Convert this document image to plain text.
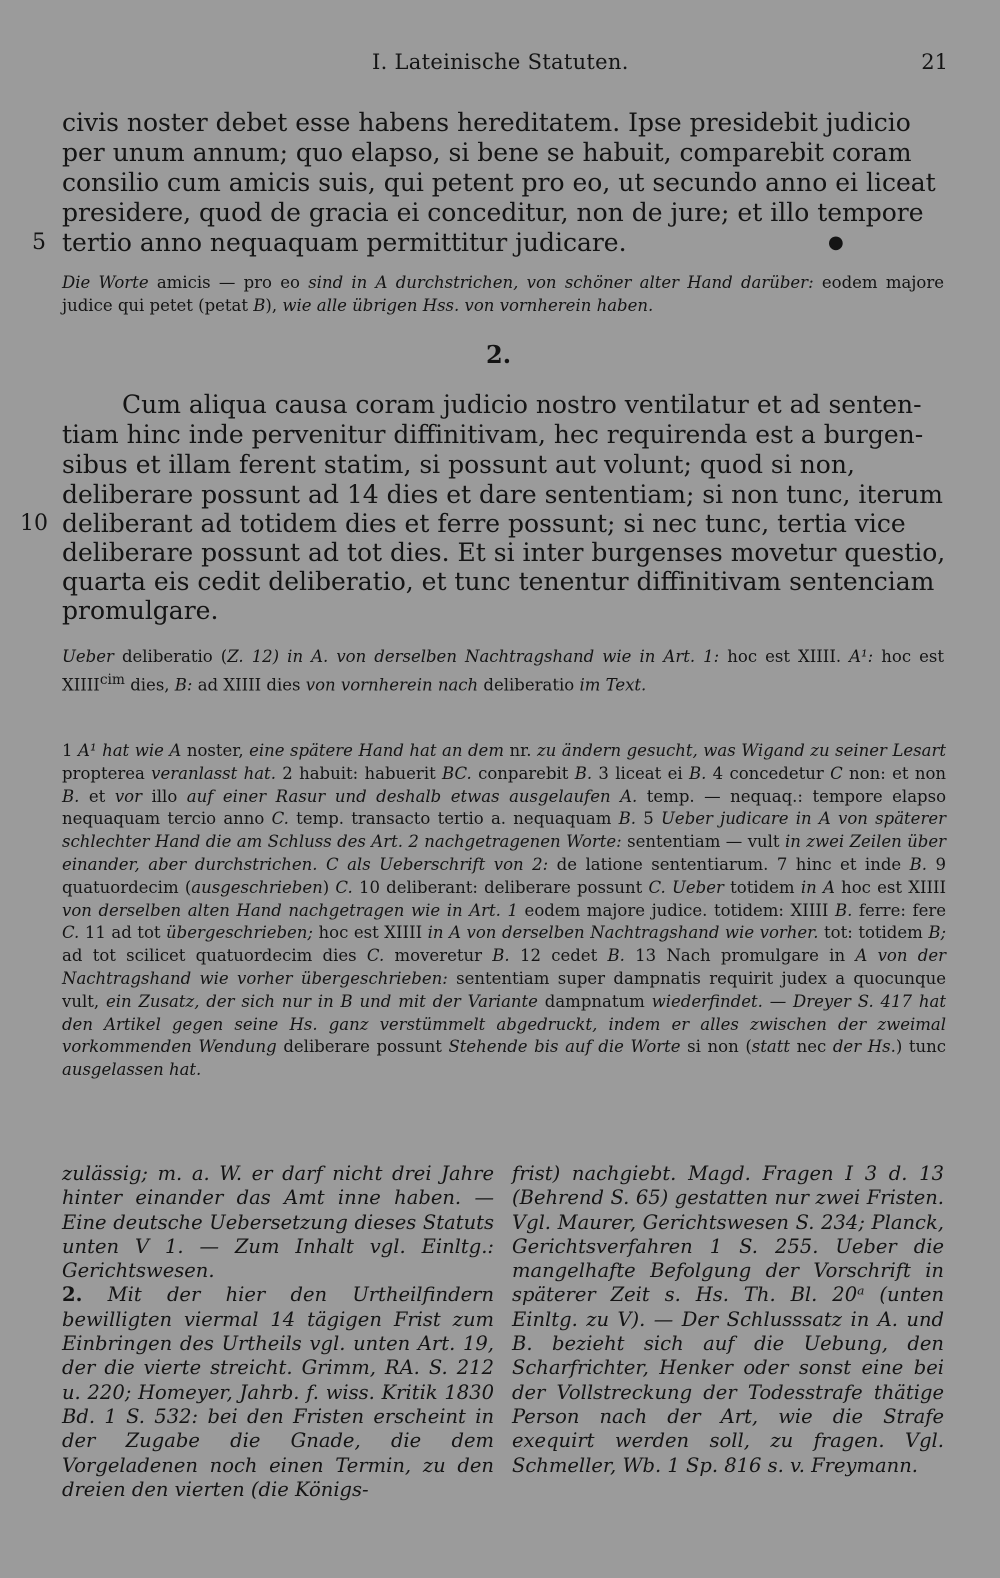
I. Lateinische Statuten.	21
civis noster debet esse habens hereditatem. Ipse presidebit judicio
per unum annum; quo elapso, si bene se habuit, comparebit coram
consilio cum amicis suis, qui petent pro eo, ut secundo anno ei liceat
presidere, quod de gracia ei conceditur, non de jure; et illo tempore
5 tertio anno nequaquam permittitur judicare.	●
Die Worte amicis — pro eo sind in A durchstrichen, von schöner alter Hand darüber: eodem majore judice qui petet (petat B), wie alle übrigen Hss. von vornherein haben.
2.
Cum aliqua causa coram judicio nostro ventilatur et ad senten-
tiam hinc inde pervenitur diffinitivam, hec requirenda est a burgen-
sibus et illam ferent statim, si possunt aut volunt; quod si non,
deliberare possunt ad 14 dies et dare sententiam; si non tunc, iterum
10 deliberant ad totidem dies et ferre possunt; si nec tunc, tertia vice
deliberare possunt ad tot dies. Et si inter burgenses movetur questio,
quarta eis cedit deliberatio, et tunc tenentur diffinitivam sentenciam
promulgare.
Ueber deliberatio (Z. 12) in A. von derselben Nachtragshand wie in Art. 1: hoc est XIIII. A¹: hoc est $XIIII^{cim}$ dies, B: ad XIIII dies von vornherein nach deliberatio im Text.
1 A¹ hat wie A noster, eine spätere Hand hat an dem nr. zu ändern gesucht, was Wigand zu seiner Lesart propterea veranlasst hat. 2 habuit: habuerit BC. conparebit B. 3 liceat ei B. 4 concedetur C non: et non B. et vor illo auf einer Rasur und deshalb etwas ausgelaufen A. temp. — nequaq.: tempore elapso nequaquam tercio anno C. temp. transacto tertio a. nequaquam B. 5 Ueber judicare in A von späterer schlechter Hand die am Schluss des Art. 2 nachgetragenen Worte: sententiam — vult in zwei Zeilen über einander, aber durchstrichen. C als Ueberschrift von 2: de latione sententiarum. 7 hinc et inde B. 9 quatuordecim (ausgeschrieben) C. 10 deliberant: deliberare possunt C. Ueber totidem in A hoc est XIIII von derselben alten Hand nachgetragen wie in Art. 1 eodem majore judice. totidem: XIIII B. ferre: fere C. 11 ad tot übergeschrieben; hoc est XIIII in A von derselben Nachtragshand wie vorher. tot: totidem B; ad tot scilicet quatuordecim dies C. moveretur B. 12 cedet B. 13 Nach promulgare in A von der Nachtragshand wie vorher übergeschrieben: sententiam super dampnatis requirit judex a quocunque vult, ein Zusatz, der sich nur in B und mit der Variante dampnatum wiederfindet. — Dreyer S. 417 hat den Artikel gegen seine Hs. ganz verstümmelt abgedruckt, indem er alles zwischen der zweimal vorkommenden Wendung deliberare possunt Stehende bis auf die Worte si non (statt nec der Hs.) tunc ausgelassen hat.

zulässig; m. a. W. er darf nicht drei Jahre hinter einander das Amt inne haben. — Eine deutsche Uebersetzung dieses Statuts unten V 1. — Zum Inhalt vgl. Einltg.: Gerichtswesen.

2. Mit der hier den Urtheilfindern bewilligten viermal 14 tägigen Frist zum Einbringen des Urtheils vgl. unten Art. 19, der die vierte streicht. Grimm, RA. S. 212 u. 220; Homeyer, Jahrb. f. wiss. Kritik 1830 Bd. 1 S. 532: bei den Fristen erscheint in der Zugabe die Gnade, die dem Vorgeladenen noch einen Termin, zu den dreien den vierten (die Königs-

frist) nachgiebt. Magd. Fragen I 3 d. 13 (Behrend S. 65) gestatten nur zwei Fristen. Vgl. Maurer, Gerichtswesen S. 234; Planck, Gerichtsverfahren 1 S. 255. Ueber die mangelhafte Befolgung der Vorschrift in späterer Zeit s. Hs. Th. Bl. 20ᵃ (unten Einltg. zu V). — Der Schlusssatz in A. und B. bezieht sich auf die Uebung, den Scharfrichter, Henker oder sonst eine bei der Vollstreckung der Todesstrafe thätige Person nach der Art, wie die Strafe exequirt werden soll, zu fragen. Vgl. Schmeller, Wb. 1 Sp. 816 s. v. Freymann.
